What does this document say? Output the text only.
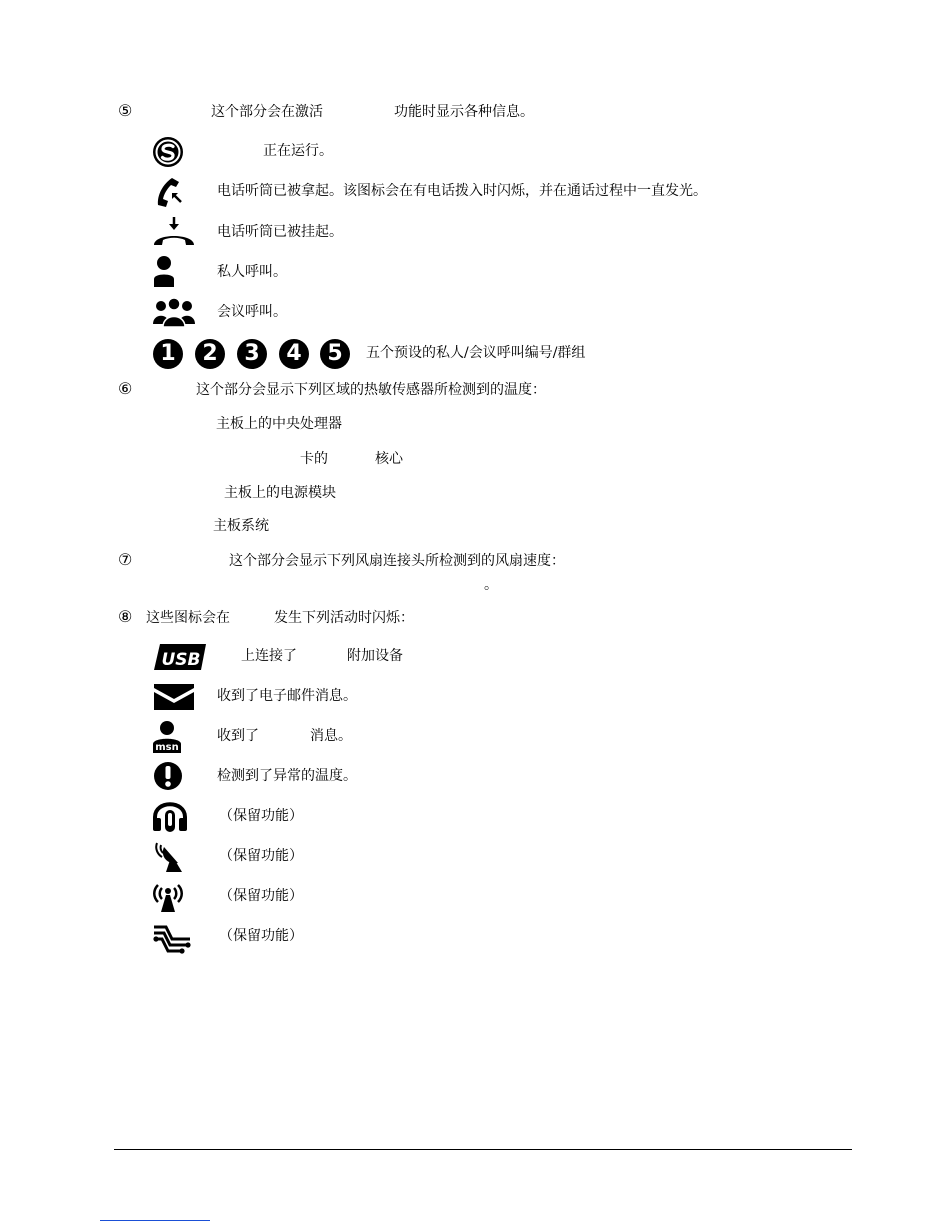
⑤	这个部分会在激活	功能时显示各种信息。
正在运行。
电话听筒已被拿起。该图标会在有电话拨入时闪烁，并在通话过程中一直发光。
电话听筒已被挂起。
私人呼叫。
会议呼叫。
1	2	3	4	5	五个预设的私人/会议呼叫编号/群组
⑥	这个部分会显示下列区域的热敏传感器所检测到的温度：
主板上的中央处理器
卡的	核心
主板上的电源模块
主板系统
⑦	这个部分会显示下列风扇连接头所检测到的风扇速度：
。
⑧ 这些图标会在	发生下列活动时闪烁：
USB	上连接了	附加设备
收到了电子邮件消息。
msn
收到了	消息。
检测到了异常的温度。
（保留功能）
（保留功能）
（保留功能）
（保留功能）
